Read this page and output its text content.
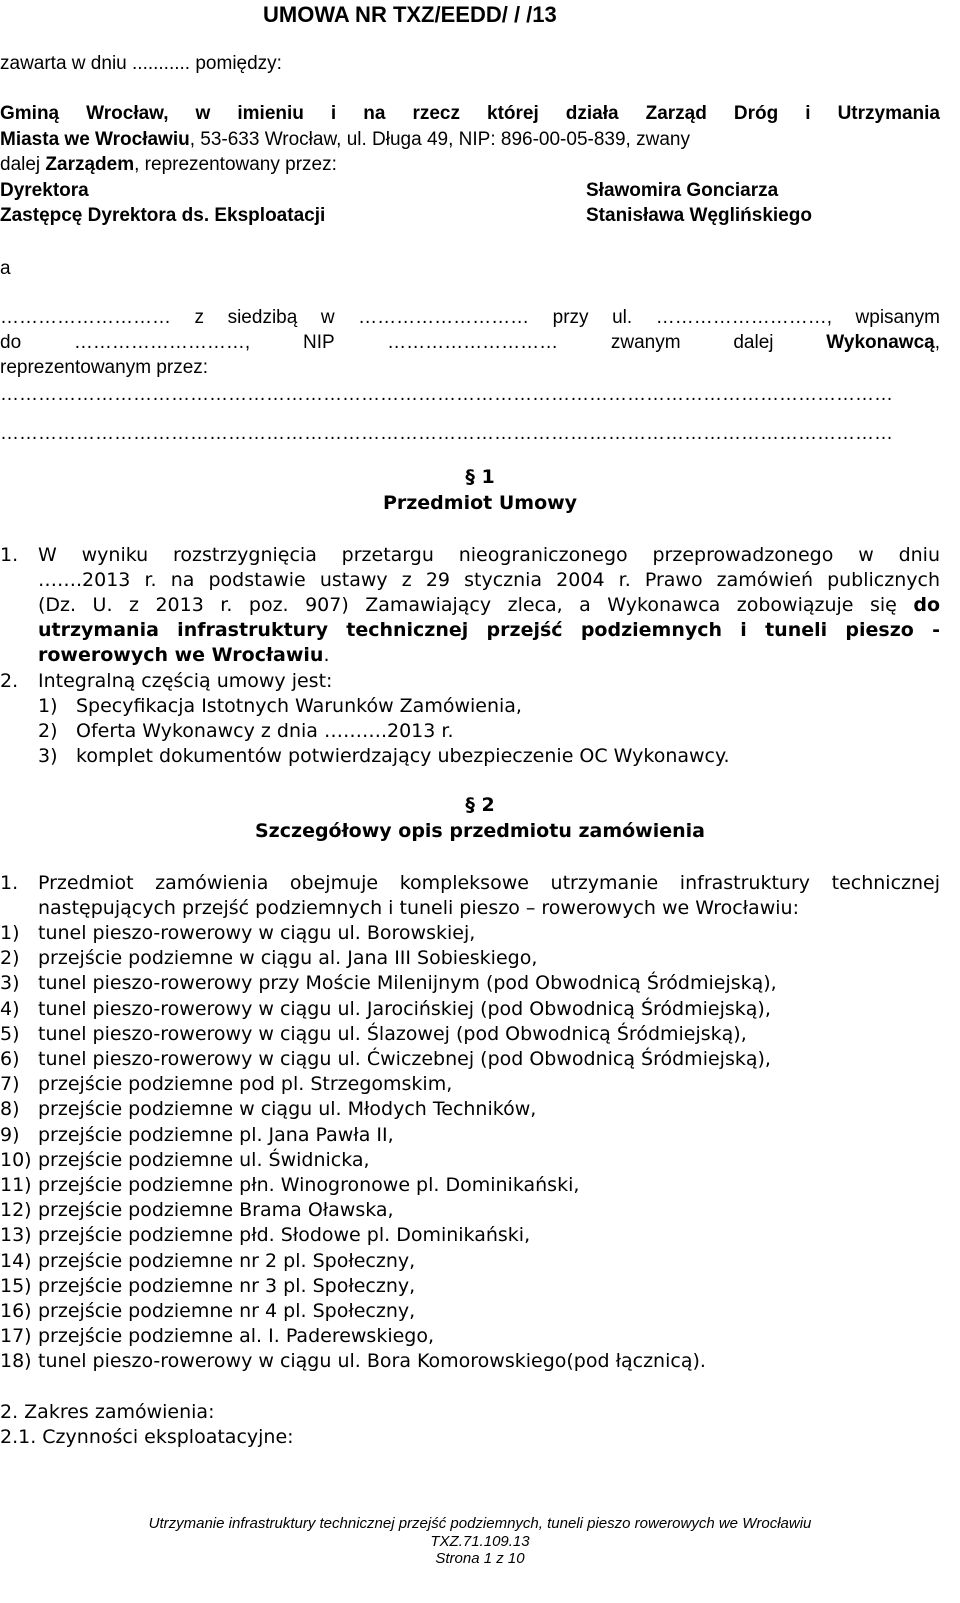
UMOWA NR TXZ/EEDD/ / /13
zawarta w dniu ........... pomiędzy:
Gminą Wrocław, w imieniu i na rzecz której działa Zarząd Dróg i Utrzymania
Miasta we Wrocławiu, 53-633 Wrocław, ul. Długa 49, NIP: 896-00-05-839, zwany
dalej Zarządem, reprezentowany przez:
Dyrektora	Sławomira Gonciarza
Zastępcę Dyrektora ds. Eksploatacji	Stanisława Węglińskiego
a
……………………… z siedzibą w ……………………… przy ul. ………………………, wpisanym
do ………………………, NIP ……………………… zwanym dalej Wykonawcą,
reprezentowanym przez:
……………………………………………………………………………………………………………………………
……………………………………………………………………………………………………………………………
§ 1
Przedmiot Umowy
1. W wyniku rozstrzygnięcia przetargu nieograniczonego przeprowadzonego w dniu
…….2013 r. na podstawie ustawy z 29 stycznia 2004 r. Prawo zamówień publicznych
(Dz. U. z 2013 r. poz. 907) Zamawiający zleca, a Wykonawca zobowiązuje się do
utrzymania infrastruktury technicznej przejść podziemnych i tuneli pieszo -
rowerowych we Wrocławiu.
2. Integralną częścią umowy jest:
1) Specyfikacja Istotnych Warunków Zamówienia,
2) Oferta Wykonawcy z dnia ……….2013 r.
3) komplet dokumentów potwierdzający ubezpieczenie OC Wykonawcy.
§ 2
Szczegółowy opis przedmiotu zamówienia
1. Przedmiot zamówienia obejmuje kompleksowe utrzymanie infrastruktury technicznej
następujących przejść podziemnych i tuneli pieszo – rowerowych we Wrocławiu:
1) tunel pieszo-rowerowy w ciągu ul. Borowskiej,
2) przejście podziemne w ciągu al. Jana III Sobieskiego,
3) tunel pieszo-rowerowy przy Moście Milenijnym (pod Obwodnicą Śródmiejską),
4) tunel pieszo-rowerowy w ciągu ul. Jarocińskiej (pod Obwodnicą Śródmiejską),
5) tunel pieszo-rowerowy w ciągu ul. Ślazowej (pod Obwodnicą Śródmiejską),
6) tunel pieszo-rowerowy w ciągu ul. Ćwiczebnej (pod Obwodnicą Śródmiejską),
7) przejście podziemne pod pl. Strzegomskim,
8) przejście podziemne w ciągu ul. Młodych Techników,
9) przejście podziemne pl. Jana Pawła II,
10) przejście podziemne ul. Świdnicka,
11) przejście podziemne płn. Winogronowe pl. Dominikański,
12) przejście podziemne Brama Oławska,
13) przejście podziemne płd. Słodowe pl. Dominikański,
14) przejście podziemne nr 2 pl. Społeczny,
15) przejście podziemne nr 3 pl. Społeczny,
16) przejście podziemne nr 4 pl. Społeczny,
17) przejście podziemne al. I. Paderewskiego,
18) tunel pieszo-rowerowy w ciągu ul. Bora Komorowskiego(pod łącznicą).
2. Zakres zamówienia:
2.1. Czynności eksploatacyjne:
Utrzymanie infrastruktury technicznej przejść podziemnych, tuneli pieszo rowerowych we Wrocławiu
TXZ.71.109.13
Strona 1 z 10
